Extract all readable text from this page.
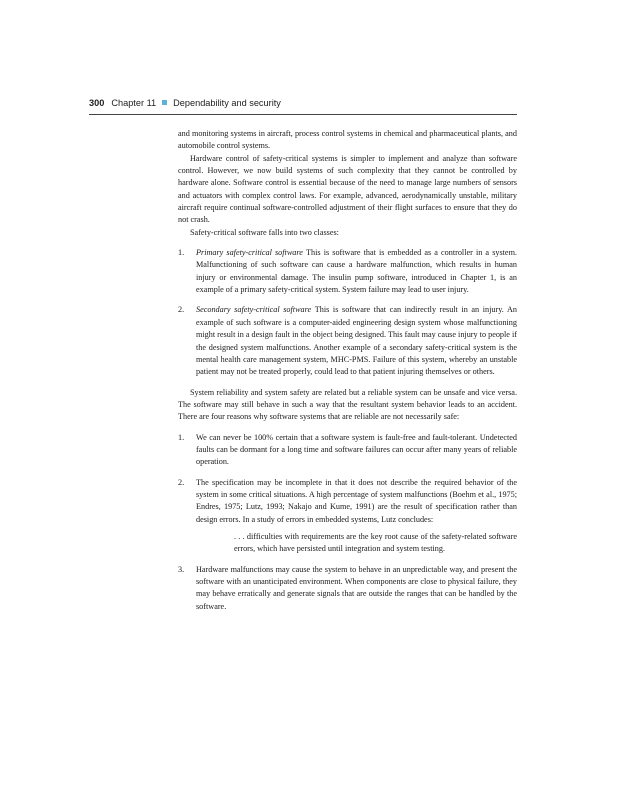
300 Chapter 11 Dependability and security

and monitoring systems in aircraft, process control systems in chemical and pharmaceutical plants, and automobile control systems.

Hardware control of safety-critical systems is simpler to implement and analyze than software control. However, we now build systems of such complexity that they cannot be controlled by hardware alone. Software control is essential because of the need to manage large numbers of sensors and actuators with complex control laws. For example, advanced, aerodynamically unstable, military aircraft require continual software-controlled adjustment of their flight surfaces to ensure that they do not crash.

Safety-critical software falls into two classes:

1. Primary safety-critical software This is software that is embedded as a controller in a system. Malfunctioning of such software can cause a hardware malfunction, which results in human injury or environmental damage. The insulin pump software, introduced in Chapter 1, is an example of a primary safety-critical system. System failure may lead to user injury.
2. Secondary safety-critical software This is software that can indirectly result in an injury. An example of such software is a computer-aided engineering design system whose malfunctioning might result in a design fault in the object being designed. This fault may cause injury to people if the designed system malfunctions. Another example of a secondary safety-critical system is the mental health care management system, MHC-PMS. Failure of this system, whereby an unstable patient may not be treated properly, could lead to that patient injuring themselves or others.

System reliability and system safety are related but a reliable system can be unsafe and vice versa. The software may still behave in such a way that the resultant system behavior leads to an accident. There are four reasons why software systems that are reliable are not necessarily safe:

1. We can never be 100% certain that a software system is fault-free and fault-tolerant. Undetected faults can be dormant for a long time and software failures can occur after many years of reliable operation.
2. The specification may be incomplete in that it does not describe the required behavior of the system in some critical situations. A high percentage of system malfunctions (Boehm et al., 1975; Endres, 1975; Lutz, 1993; Nakajo and Kume, 1991) are the result of specification rather than design errors. In a study of errors in embedded systems, Lutz concludes:

. . . difficulties with requirements are the key root cause of the safety-related software errors, which have persisted until integration and system testing.

3. Hardware malfunctions may cause the system to behave in an unpredictable way, and present the software with an unanticipated environment. When components are close to physical failure, they may behave erratically and generate signals that are outside the ranges that can be handled by the software.
